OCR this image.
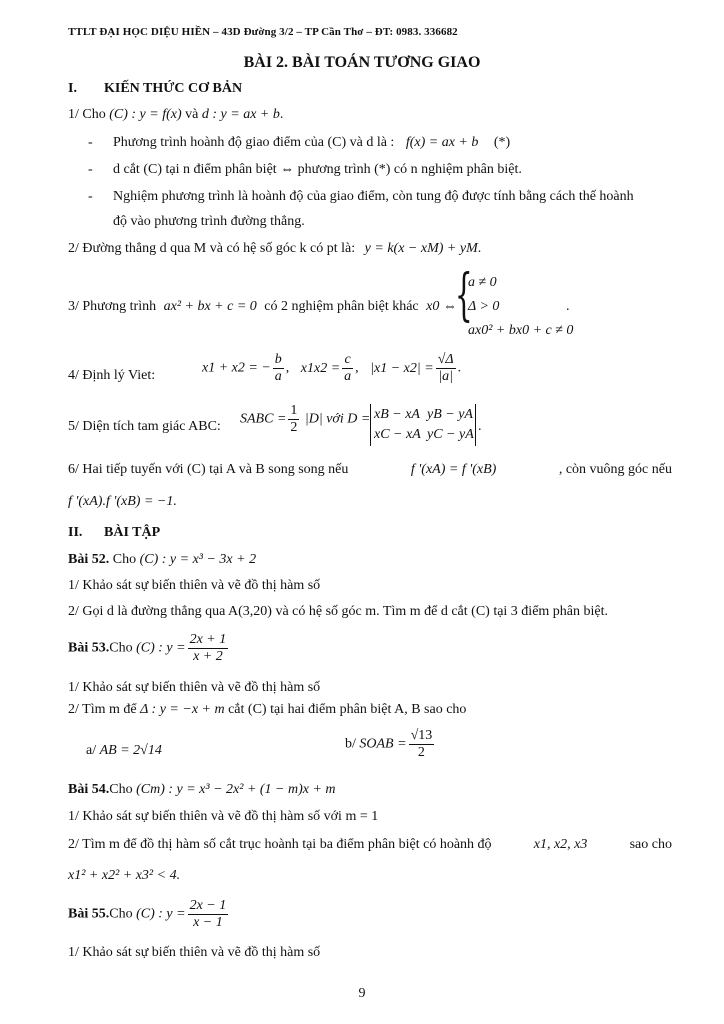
TTLT ĐẠI HỌC DIỆU HIỀN – 43D Đường 3/2 – TP Cần Thơ – ĐT: 0983. 336682
BÀI 2. BÀI TOÁN TƯƠNG GIAO
I. KIẾN THỨC CƠ BẢN
1/ Cho (C) : y = f(x) và d : y = ax + b.
- Phương trình hoành độ giao điểm của (C) và d là : f(x) = ax + b (*)
- d cắt (C) tại n điểm phân biệt ⇔ phương trình (*) có n nghiệm phân biệt.
- Nghiệm phương trình là hoành độ của giao điểm, còn tung độ được tính bằng cách thế hoành
độ vào phương trình đường thẳng.
2/ Đường thẳng d qua M và có hệ số góc k có pt là: y = k(x − xM) + yM.
3/ Phương trình ax² + bx + c = 0 có 2 nghiệm phân biệt khác x0 ⇔
{
a ≠ 0
Δ > 0
ax0² + bx0 + c ≠ 0
.
4/ Định lý Viet:	x1 + x2 = − $\frac{b}{a}$ , $x1x2 = \frac{c}{a}$ , $|x1 - x2| = \frac{√\Delta}{|a|}$ .
5/ Diện tích tam giác ABC: SABC = $\frac{1}{2} |D|$ với D = xB − xA yB − yA
xC − xA yC − yA
.
6/ Hai tiếp tuyến với (C) tại A và B song song nếu	f '(xA) = f '(xB)	, còn vuông góc nếu
f '(xA).f '(xB) = −1.
II. BÀI TẬP
Bài 52. Cho (C) : y = x³ − 3x + 2
1/ Khảo sát sự biến thiên và vẽ đồ thị hàm số
2/ Gọi d là đường thẳng qua A(3,20) và có hệ số góc m. Tìm m để d cắt (C) tại 3 điểm phân biệt.
Bài 53.Cho (C) : $y = \frac{2x + 1}{x + 2}$
1/ Khảo sát sự biến thiên và vẽ đồ thị hàm số
2/ Tìm m để Δ : y = −x + m cắt (C) tại hai điểm phân biệt A, B sao cho
a/ AB = 2√14	b/ SOAB = $\frac{√13}{2}$
Bài 54.Cho (Cm) : y = x³ − 2x² + (1 − m)x + m
1/ Khảo sát sự biến thiên và vẽ đồ thị hàm số với m = 1
2/ Tìm m để đồ thị hàm số cắt trục hoành tại ba điểm phân biệt có hoành độ	x1, x2, x3	sao cho
x1² + x2² + x3² < 4.
Bài 55.Cho (C) : $y = \frac{2x - 1}{x - 1}$
1/ Khảo sát sự biến thiên và vẽ đồ thị hàm số
9
